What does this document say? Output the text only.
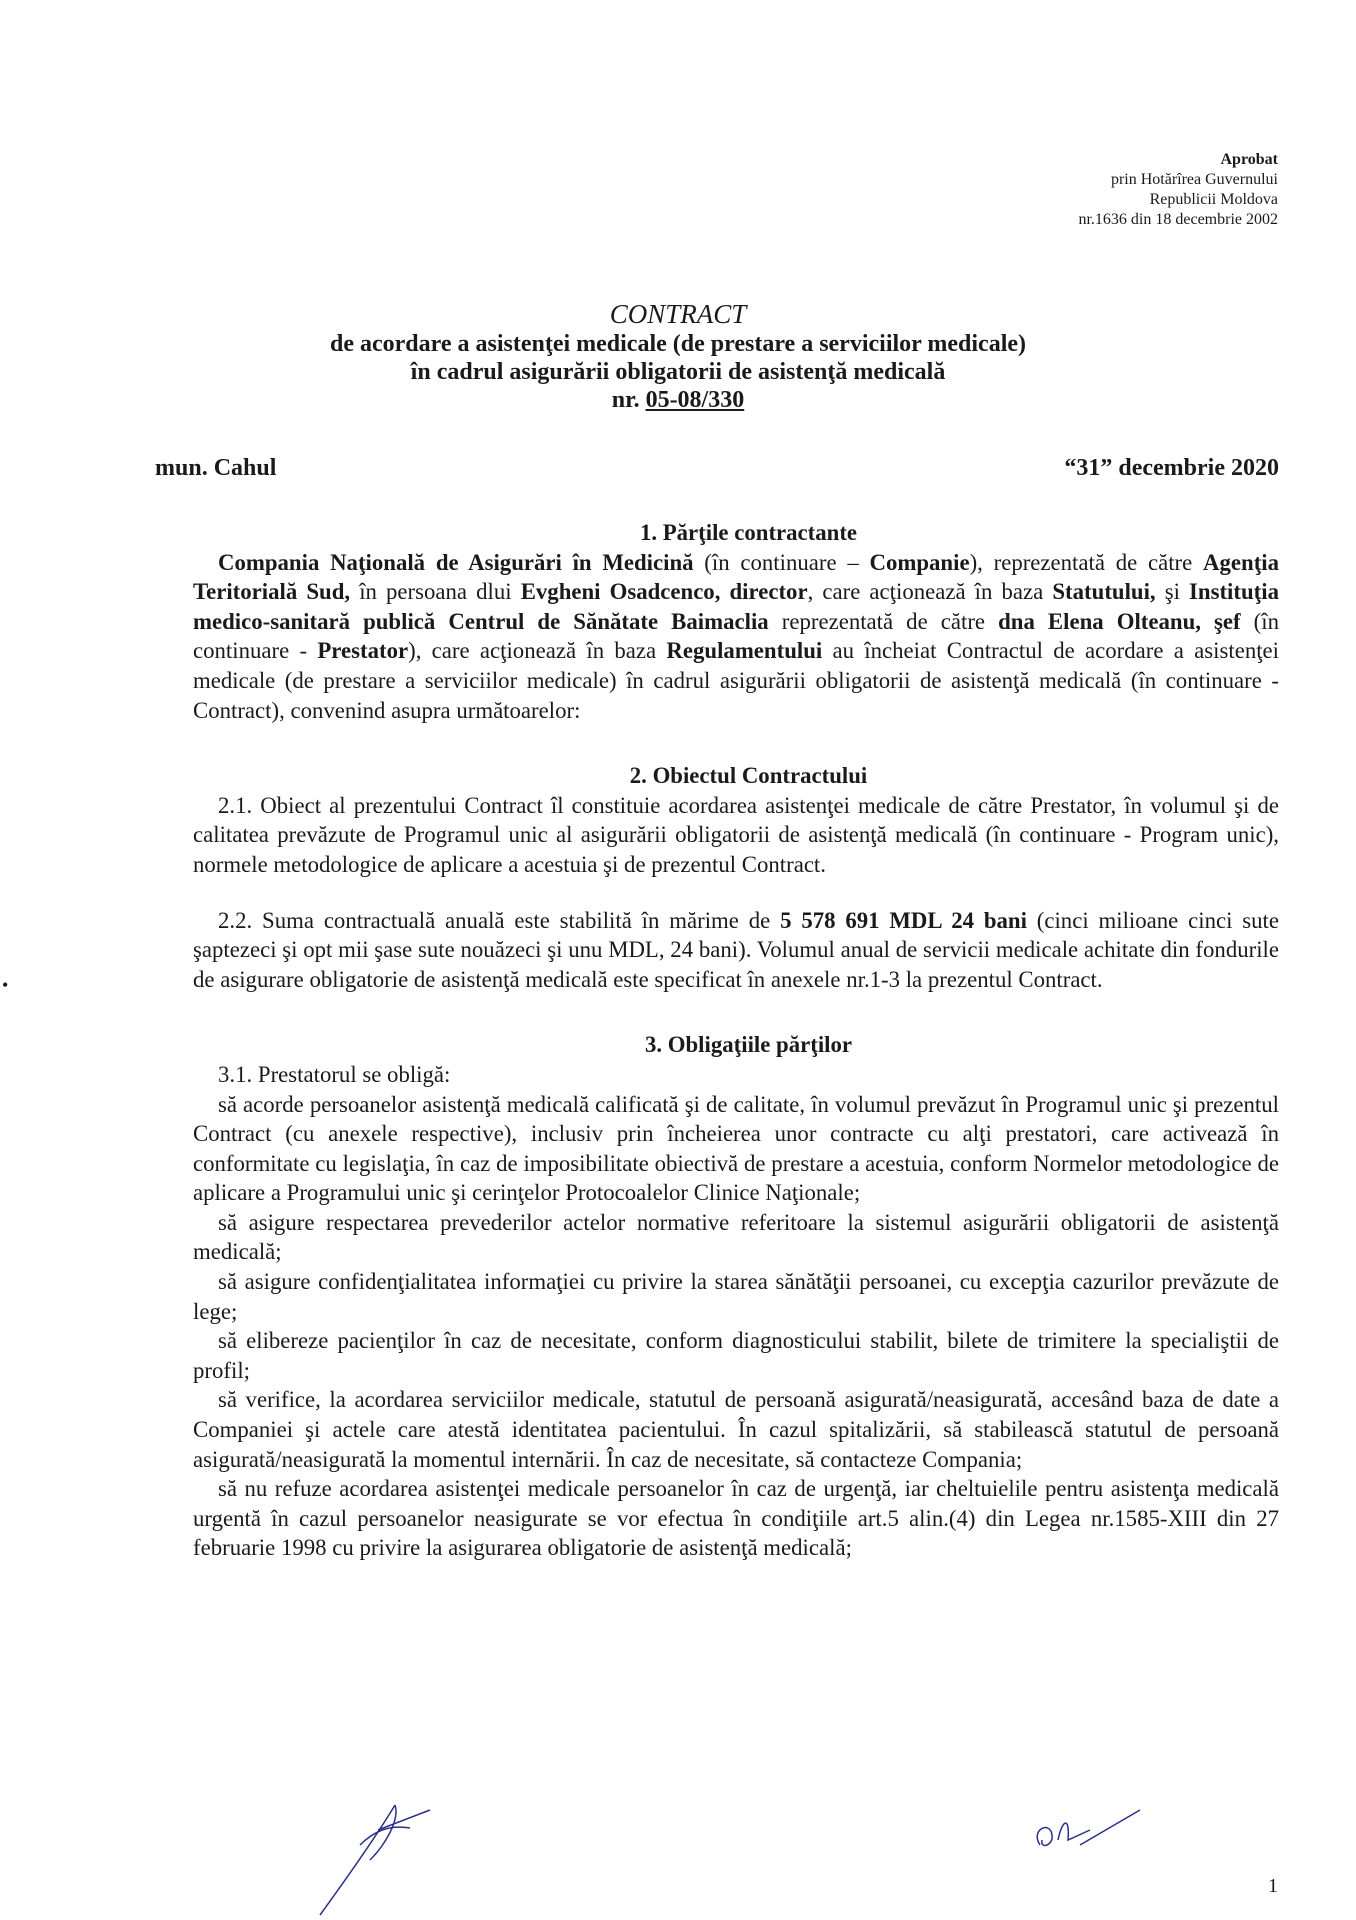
•
Aprobat
prin Hotărîrea Guvernului
Republicii Moldova
nr.1636 din 18 decembrie 2002
CONTRACT
de acordare a asistenţei medicale (de prestare a serviciilor medicale)
în cadrul asigurării obligatorii de asistenţă medicală
nr. 05-08/330
mun. Cahul	“31” decembrie 2020

1. Părţile contractante

Compania Naţională de Asigurări în Medicină (în continuare – Companie), reprezentată de către Agenţia Teritorială Sud, în persoana dlui Evgheni Osadcenco, director, care acţionează în baza Statutului, şi Instituţia medico-sanitară publică Centrul de Sănătate Baimaclia reprezentată de către dna Elena Olteanu, şef (în continuare - Prestator), care acţionează în baza Regulamentului au încheiat Contractul de acordare a asistenţei medicale (de prestare a serviciilor medicale) în cadrul asigurării obligatorii de asistenţă medicală (în continuare - Contract), convenind asupra următoarelor:

2. Obiectul Contractului

2.1. Obiect al prezentului Contract îl constituie acordarea asistenţei medicale de către Prestator, în volumul şi de calitatea prevăzute de Programul unic al asigurării obligatorii de asistenţă medicală (în continuare - Program unic), normele metodologice de aplicare a acestuia şi de prezentul Contract.

2.2. Suma contractuală anuală este stabilită în mărime de 5 578 691 MDL 24 bani (cinci milioane cinci sute şaptezeci şi opt mii şase sute nouăzeci şi unu MDL, 24 bani). Volumul anual de servicii medicale achitate din fondurile de asigurare obligatorie de asistenţă medicală este specificat în anexele nr.1-3 la prezentul Contract.

3. Obligaţiile părţilor

3.1. Prestatorul se obligă:

să acorde persoanelor asistenţă medicală calificată şi de calitate, în volumul prevăzut în Programul unic şi prezentul Contract (cu anexele respective), inclusiv prin încheierea unor contracte cu alţi prestatori, care activează în conformitate cu legislaţia, în caz de imposibilitate obiectivă de prestare a acestuia, conform Normelor metodologice de aplicare a Programului unic şi cerinţelor Protocoalelor Clinice Naţionale;

să asigure respectarea prevederilor actelor normative referitoare la sistemul asigurării obligatorii de asistenţă medicală;

să asigure confidenţialitatea informaţiei cu privire la starea sănătăţii persoanei, cu excepţia cazurilor prevăzute de lege;

să elibereze pacienţilor în caz de necesitate, conform diagnosticului stabilit, bilete de trimitere la specialiştii de profil;

să verifice, la acordarea serviciilor medicale, statutul de persoană asigurată/neasigurată, accesând baza de date a Companiei şi actele care atestă identitatea pacientului. În cazul spitalizării, să stabilească statutul de persoană asigurată/neasigurată la momentul internării. În caz de necesitate, să contacteze Compania;

să nu refuze acordarea asistenţei medicale persoanelor în caz de urgenţă, iar cheltuielile pentru asistenţa medicală urgentă în cazul persoanelor neasigurate se vor efectua în condiţiile art.5 alin.(4) din Legea nr.1585-XIII din 27 februarie 1998 cu privire la asigurarea obligatorie de asistenţă medicală;

1
